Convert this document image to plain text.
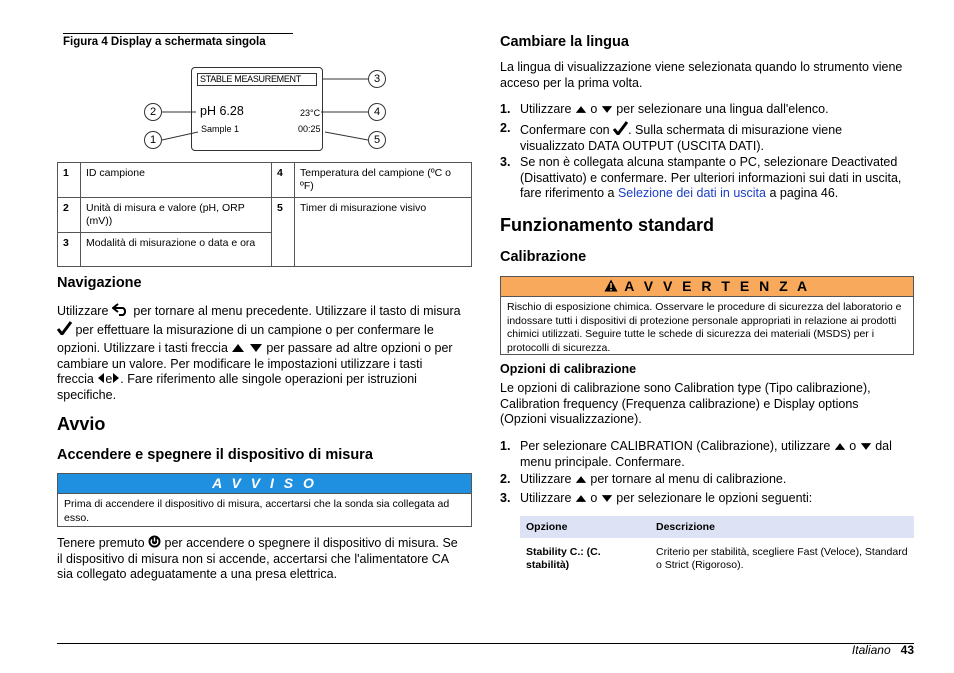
Figura 4 Display a schermata singola
STABLE MEASUREMENT
pH 6.28	23°C
Sample 1	00:25
1
2
3
4
5
1	ID campione	4	Temperatura del campione (ºC o ºF)
2	Unità di misura e valore (pH, ORP (mV))	5	Timer di misurazione visivo
3	Modalità di misurazione o data e ora		
Navigazione
Utilizzare per tornare al menu precedente. Utilizzare il tasto di misura
per effettuare la misurazione di un campione o per confermare le
opzioni. Utilizzare i tasti freccia	per passare ad altre opzioni o per
cambiare un valore. Per modificare le impostazioni utilizzare i tasti
freccia e . Fare riferimento alle singole operazioni per istruzioni
specifiche.
Avvio
Accendere e spegnere il dispositivo di misura
A V V I S O
Prima di accendere il dispositivo di misura, accertarsi che la sonda sia collegata ad esso.
Tenere premuto per accendere o spegnere il dispositivo di misura. Se
il dispositivo di misura non si accende, accertarsi che l'alimentatore CA
sia collegato adeguatamente a una presa elettrica.
Cambiare la lingua
La lingua di visualizzazione viene selezionata quando lo strumento viene acceso per la prima volta.
1. Utilizzare o per selezionare una lingua dall'elenco.
2. Confermare con . Sulla schermata di misurazione viene
visualizzato DATA OUTPUT (USCITA DATI).
3. Se non è collegata alcuna stampante o PC, selezionare Deactivated (Disattivato) e confermare. Per ulteriori informazioni sui dati in uscita, fare riferimento a Selezione dei dati in uscita a pagina 46.
Funzionamento standard
Calibrazione
A V V E R T E N Z A
Rischio di esposizione chimica. Osservare le procedure di sicurezza del laboratorio e indossare tutti i dispositivi di protezione personale appropriati in relazione ai prodotti chimici utilizzati. Seguire tutte le schede di sicurezza dei materiali (MSDS) per i protocolli di sicurezza.
Opzioni di calibrazione
Le opzioni di calibrazione sono Calibration type (Tipo calibrazione), Calibration frequency (Frequenza calibrazione) e Display options (Opzioni visualizzazione).
1. Per selezionare CALIBRATION (Calibrazione), utilizzare o dal
menu principale. Confermare.
2. Utilizzare per tornare al menu di calibrazione.
3. Utilizzare o per selezionare le opzioni seguenti:
Opzione	Descrizione
Stability C.: (C. stabilità)	Criterio per stabilità, scegliere Fast (Veloce), Standard o Strict (Rigoroso).
Italiano 43
